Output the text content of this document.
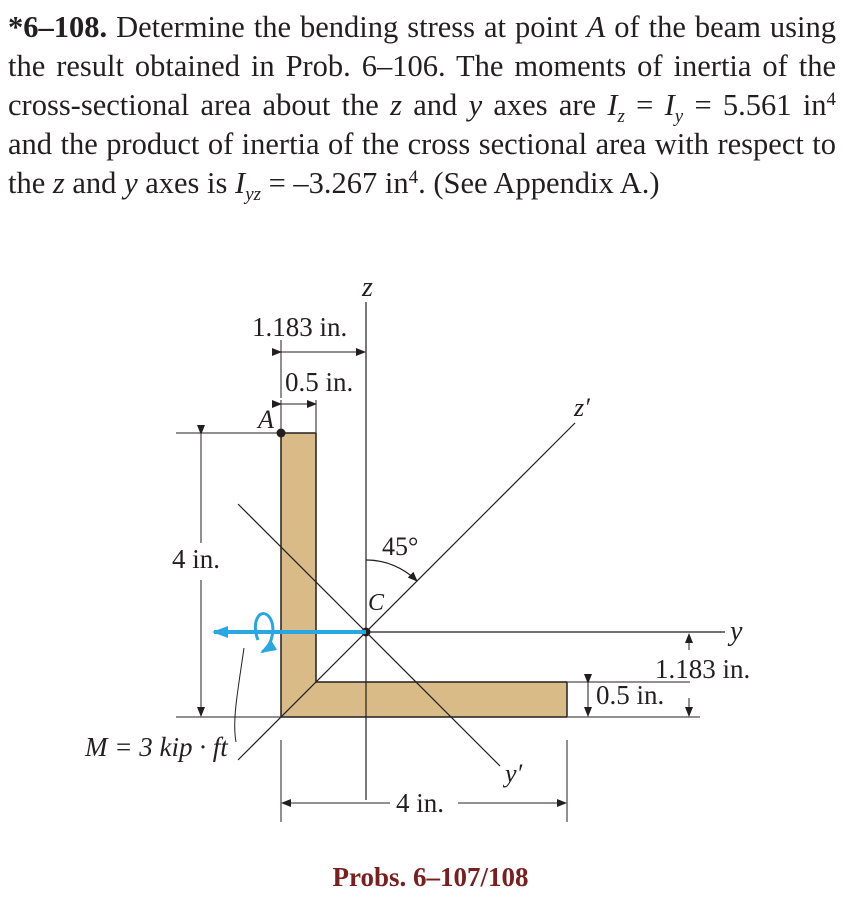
*6–108. Determine the bending stress at point A of the beam using the result obtained in Prob. 6–106. The moments of inertia of the cross-sectional area about the z and y axes are $I_z = I_y = 5.561$ $in^4$ and the product of inertia of the cross sectional area with respect to the z and y axes is $I_{yz} = -3.267$ $in^4$. (See Appendix A.)

z
z′
y
y′
A
C
1.183 in.
0.5 in.
4 in.
4 in.
1.183 in.
0.5 in.
45°
M = 3 kip · ft
Probs. 6–107/108
